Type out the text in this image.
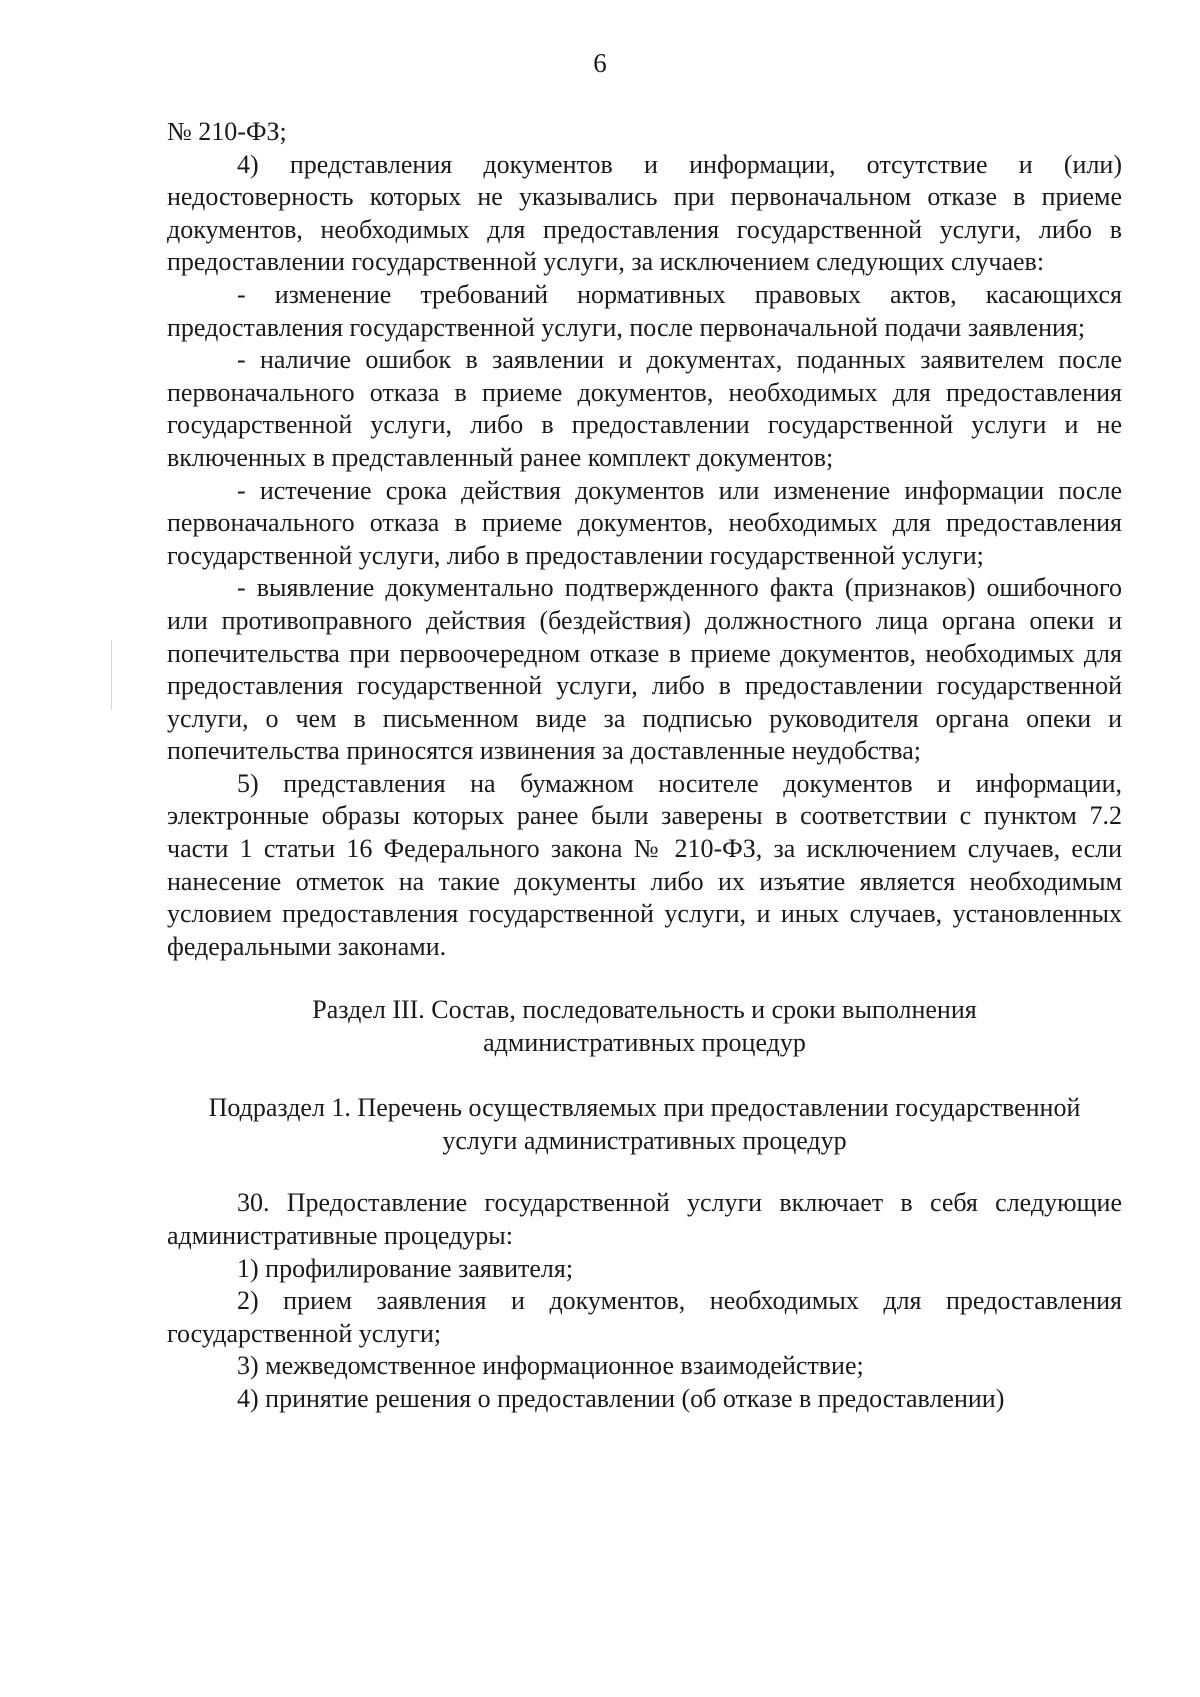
6

№ 210-ФЗ;

4) представления документов и информации, отсутствие и (или) недостоверность которых не указывались при первоначальном отказе в приеме документов, необходимых для предоставления государственной услуги, либо в предоставлении государственной услуги, за исключением следующих случаев:

- изменение требований нормативных правовых актов, касающихся предоставления государственной услуги, после первоначальной подачи заявления;

- наличие ошибок в заявлении и документах, поданных заявителем после первоначального отказа в приеме документов, необходимых для предоставления государственной услуги, либо в предоставлении государственной услуги и не включенных в представленный ранее комплект документов;

- истечение срока действия документов или изменение информации после первоначального отказа в приеме документов, необходимых для предоставления государственной услуги, либо в предоставлении государственной услуги;

- выявление документально подтвержденного факта (признаков) ошибочного или противоправного действия (бездействия) должностного лица органа опеки и попечительства при первоочередном отказе в приеме документов, необходимых для предоставления государственной услуги, либо в предоставлении государственной услуги, о чем в письменном виде за подписью руководителя органа опеки и попечительства приносятся извинения за доставленные неудобства;

5) представления на бумажном носителе документов и информации, электронные образы которых ранее были заверены в соответствии с пунктом 7.2 части 1 статьи 16 Федерального закона № 210-ФЗ, за исключением случаев, если нанесение отметок на такие документы либо их изъятие является необходимым условием предоставления государственной услуги, и иных случаев, установленных федеральными законами.

Раздел III. Состав, последовательность и сроки выполнения
административных процедур
Подраздел 1. Перечень осуществляемых при предоставлении государственной
услуги административных процедур

30. Предоставление государственной услуги включает в себя следующие административные процедуры:

1) профилирование заявителя;

2) прием заявления и документов, необходимых для предоставления государственной услуги;

3) межведомственное информационное взаимодействие;

4) принятие решения о предоставлении (об отказе в предоставлении)
